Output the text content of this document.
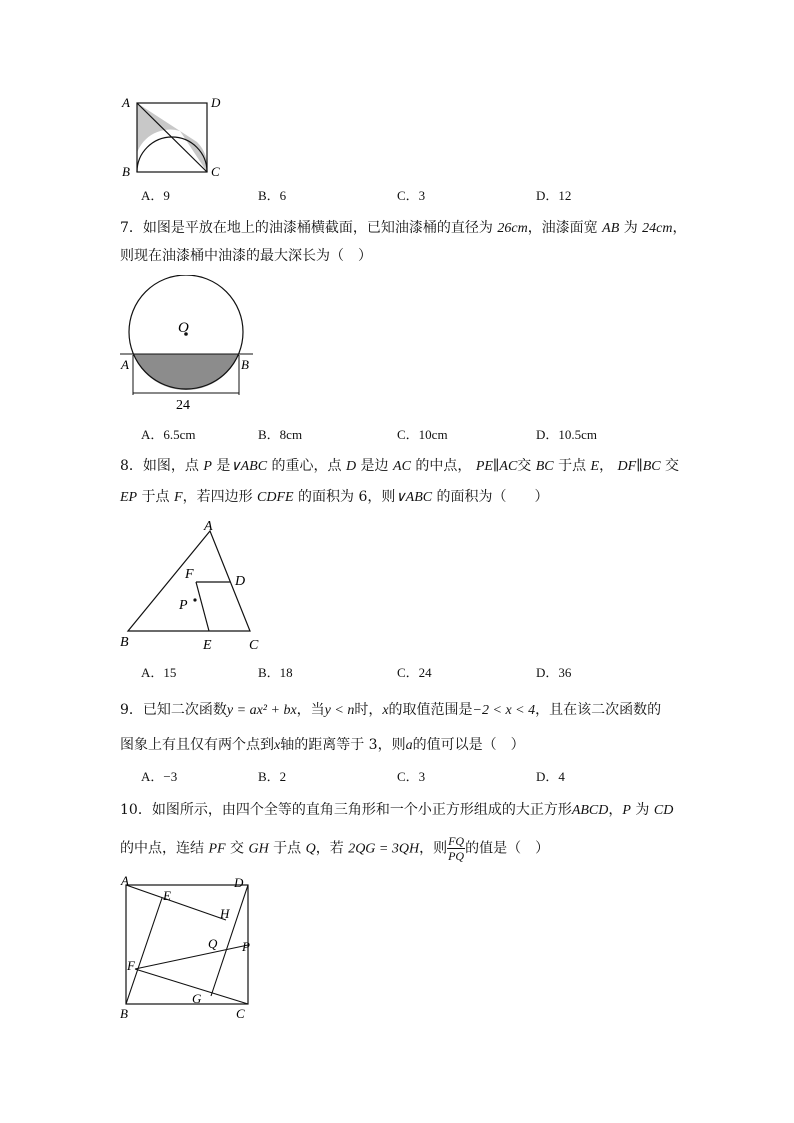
A	D
B	C
A．9	B．6	C．3	D．12
7．如图是平放在地上的油漆桶横截面，已知油漆桶的直径为 26cm，油漆面宽 AB 为 24cm，
则现在油漆桶中油漆的最大深长为（　）
O
A	B
24
A．6.5cm	B．8cm	C．10cm	D．10.5cm
8．如图，点 P 是∨ABC 的重心，点 D 是边 AC 的中点， PE∥AC交 BC 于点 E， DF∥BC 交
EP 于点 F，若四边形 CDFE 的面积为 6，则∨ABC 的面积为（　　）
A
F	D
P
B	E	C
A．15	B．18	C．24	D．36
9．已知二次函数y = ax² + bx，当y < n时，x的取值范围是−2 < x < 4，且在该二次函数的
图象上有且仅有两个点到x轴的距离等于 3，则a的值可以是（　）
A．−3	B．2	C．3	D．4
10．如图所示，由四个全等的直角三角形和一个小正方形组成的大正方形ABCD，P 为 CD
的中点，连结 PF 交 GH 于点 Q，若 2QG = 3QH，则 $\frac{FQ}{PQ}$ 的值是（　）
A	D
E
H
Q P
F
G
B	C
